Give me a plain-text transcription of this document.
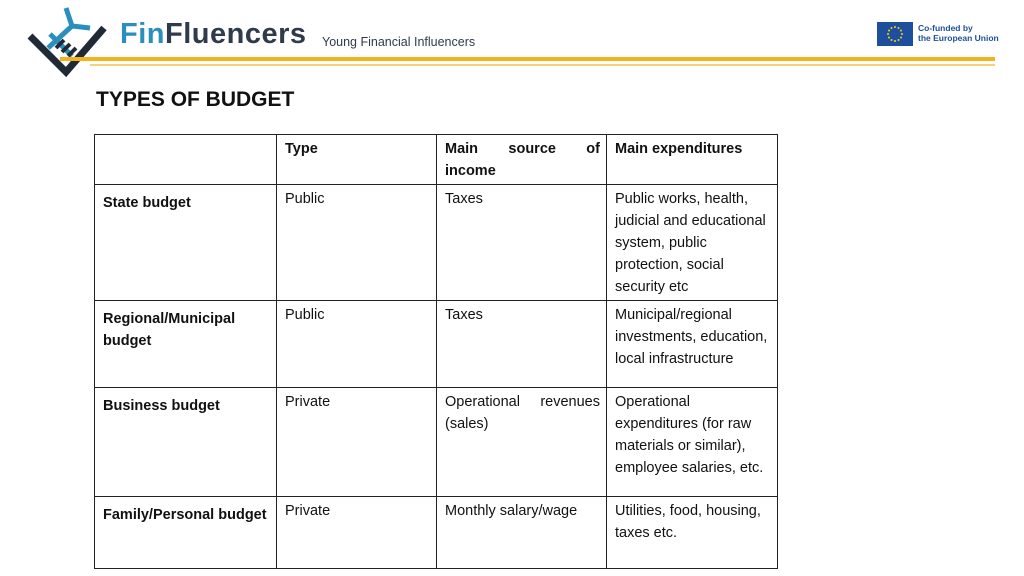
Fin Fluencers Young Financial Influencers
Co-funded by
the European Union
TYPES OF BUDGET
	Type	Main source of income	Main expenditures
State budget	Public	Taxes	Public works, health, judicial and educational system, public protection, social security etc
Regional/Municipal budget	Public	Taxes	Municipal/regional investments, education, local infrastructure
Business budget	Private	Operational revenues (sales)	Operational expenditures (for raw materials or similar), employee salaries, etc.
Family/Personal budget	Private	Monthly salary/wage	Utilities, food, housing, taxes etc.
